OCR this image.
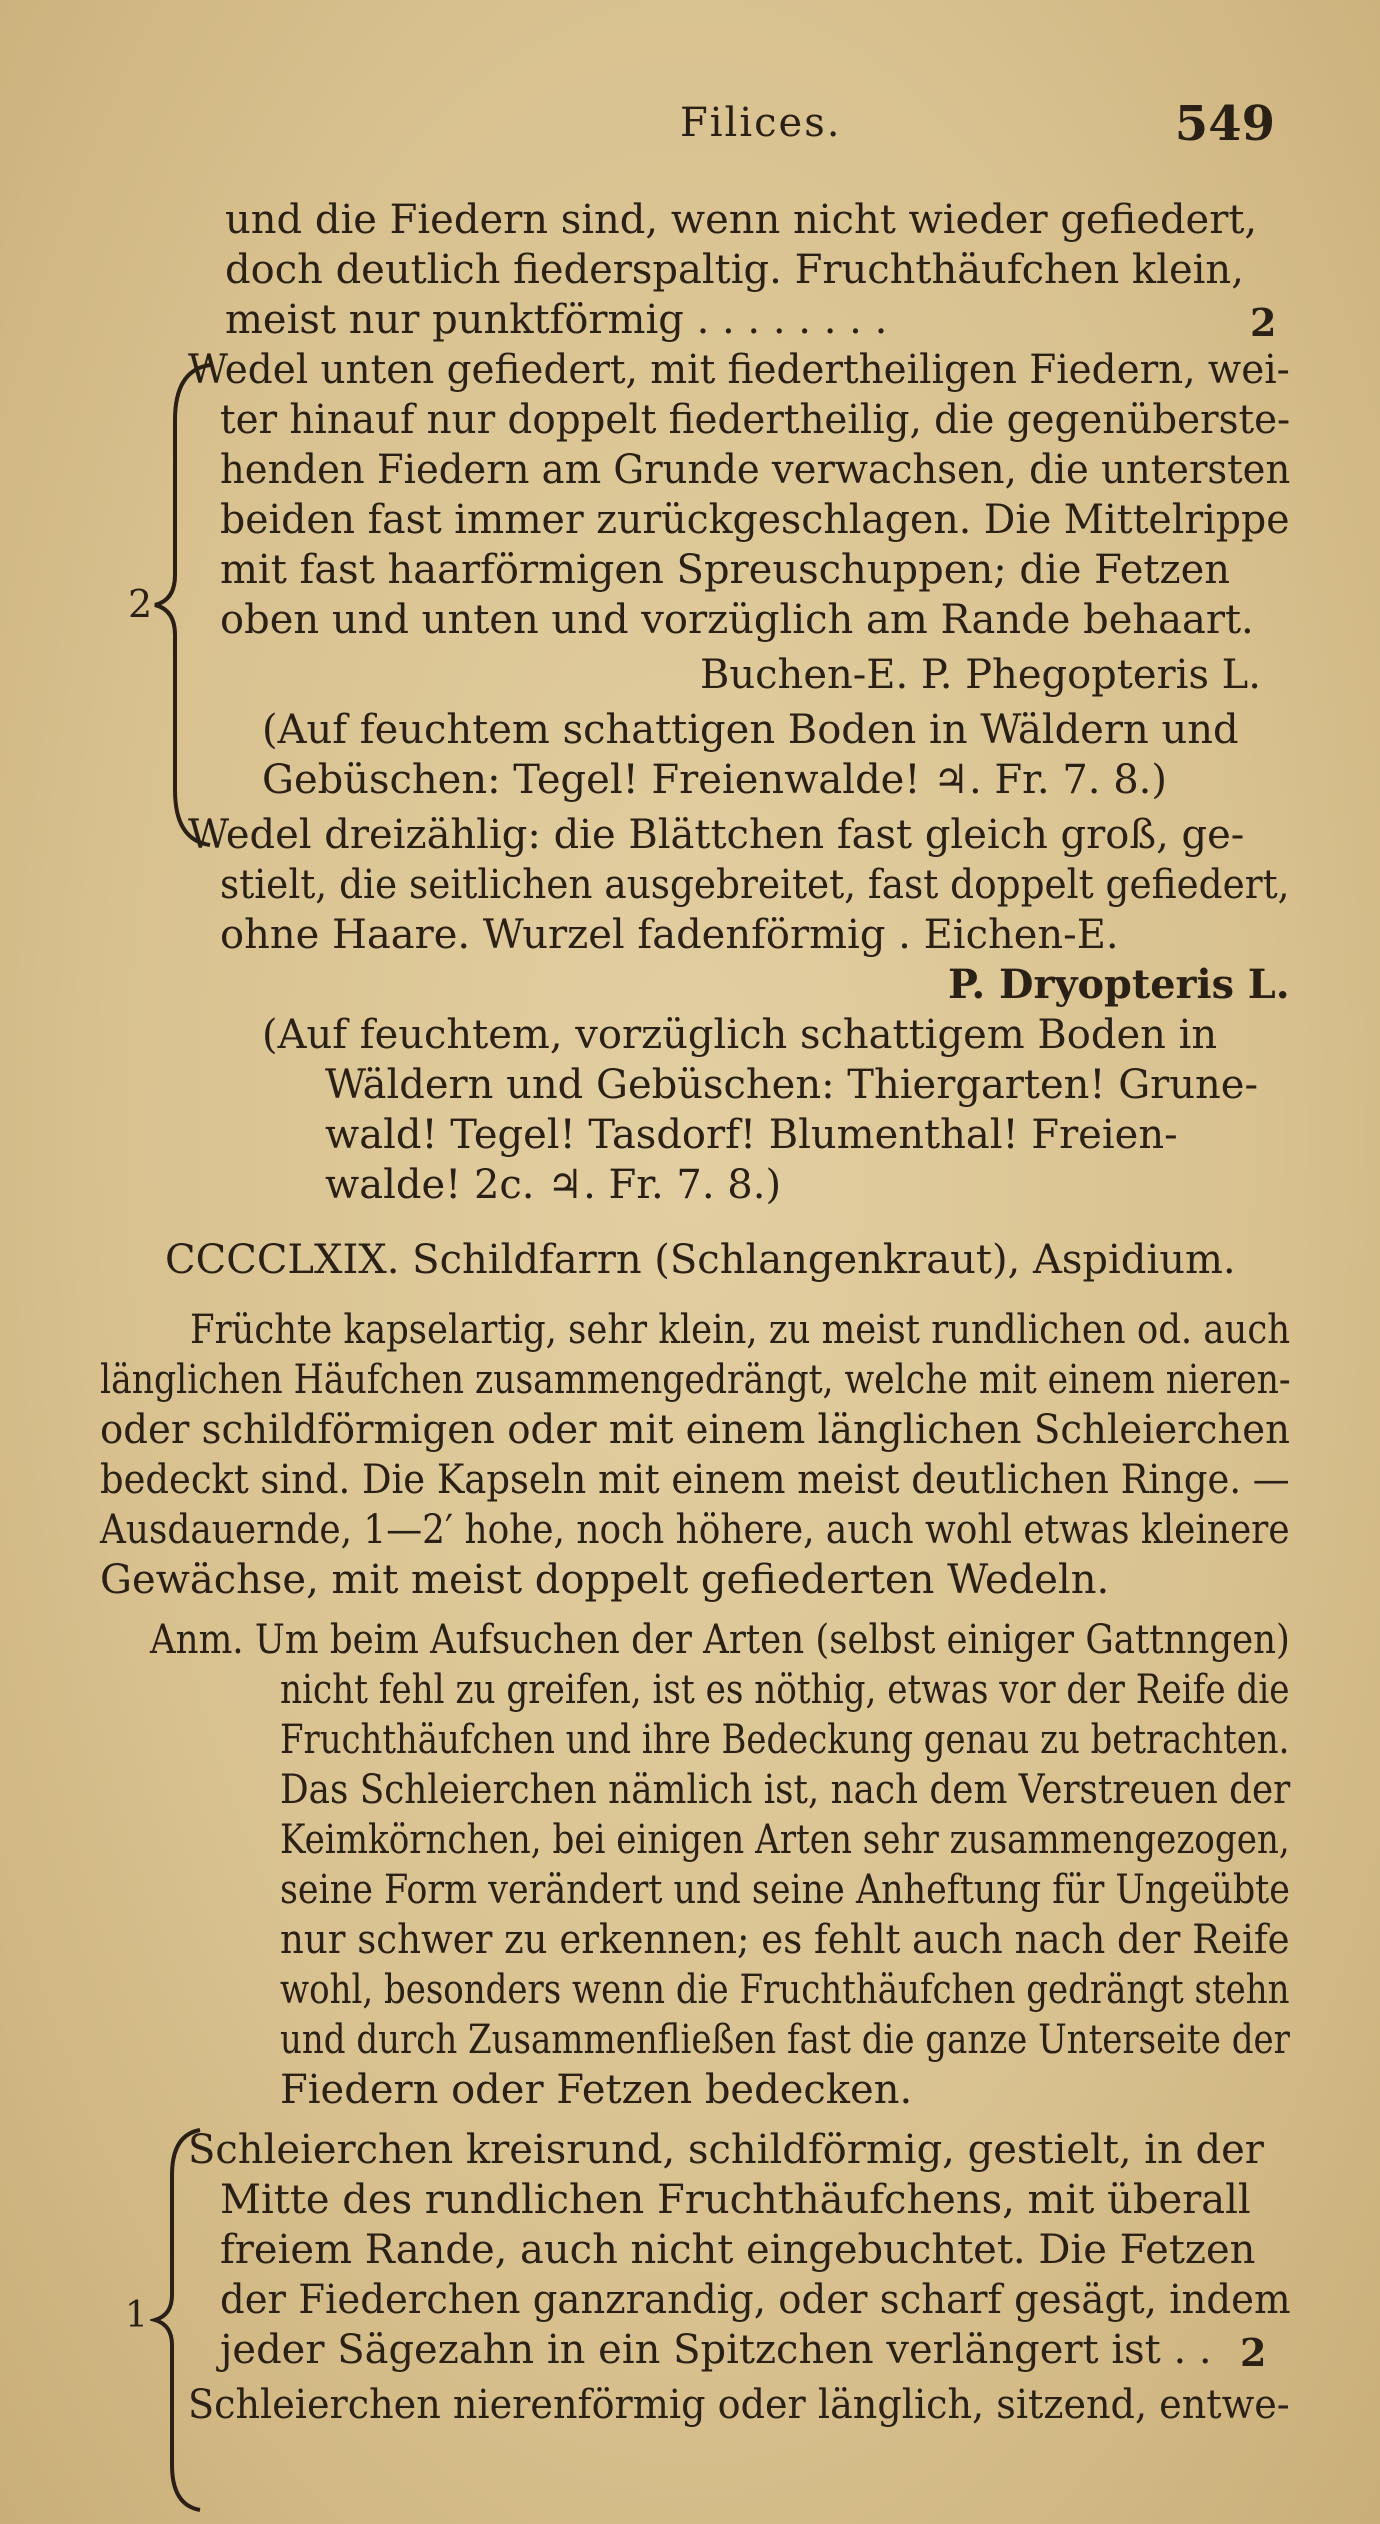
Filices.	549
und die Fiedern sind, wenn nicht wieder gefiedert,
doch deutlich fiederspaltig. Fruchthäufchen klein,
meist nur punktförmig . . . . . . . .	2
2
Wedel unten gefiedert, mit fiedertheiligen Fiedern, wei-
ter hinauf nur doppelt fiedertheilig, die gegenüberste-
henden Fiedern am Grunde verwachsen, die untersten
beiden fast immer zurückgeschlagen. Die Mittelrippe
mit fast haarförmigen Spreuschuppen; die Fetzen
oben und unten und vorzüglich am Rande behaart.
Buchen-E. P. Phegopteris L.
(Auf feuchtem schattigen Boden in Wäldern und
Gebüschen: Tegel! Freienwalde! ♃. Fr. 7. 8.)
Wedel dreizählig: die Blättchen fast gleich groß, ge-
stielt, die seitlichen ausgebreitet, fast doppelt gefiedert,
ohne Haare. Wurzel fadenförmig . Eichen-E.
P. Dryopteris L.
(Auf feuchtem, vorzüglich schattigem Boden in
Wäldern und Gebüschen: Thiergarten! Grune-
wald! Tegel! Tasdorf! Blumenthal! Freien-
walde! 2c. ♃. Fr. 7. 8.)
CCCCLXIX. Schildfarrn (Schlangenkraut), Aspidium.
Früchte kapselartig, sehr klein, zu meist rundlichen od. auch
länglichen Häufchen zusammengedrängt, welche mit einem nieren-
oder schildförmigen oder mit einem länglichen Schleierchen
bedeckt sind. Die Kapseln mit einem meist deutlichen Ringe. —
Ausdauernde, 1—2′ hohe, noch höhere, auch wohl etwas kleinere
Gewächse, mit meist doppelt gefiederten Wedeln.
Anm. Um beim Aufsuchen der Arten (selbst einiger Gattnngen)
nicht fehl zu greifen, ist es nöthig, etwas vor der Reife die
Fruchthäufchen und ihre Bedeckung genau zu betrachten.
Das Schleierchen nämlich ist, nach dem Verstreuen der
Keimkörnchen, bei einigen Arten sehr zusammengezogen,
seine Form verändert und seine Anheftung für Ungeübte
nur schwer zu erkennen; es fehlt auch nach der Reife
wohl, besonders wenn die Fruchthäufchen gedrängt stehn
und durch Zusammenfließen fast die ganze Unterseite der
Fiedern oder Fetzen bedecken.
1
Schleierchen kreisrund, schildförmig, gestielt, in der
Mitte des rundlichen Fruchthäufchens, mit überall
freiem Rande, auch nicht eingebuchtet. Die Fetzen
der Fiederchen ganzrandig, oder scharf gesägt, indem
jeder Sägezahn in ein Spitzchen verlängert ist . . 2
Schleierchen nierenförmig oder länglich, sitzend, entwe-
